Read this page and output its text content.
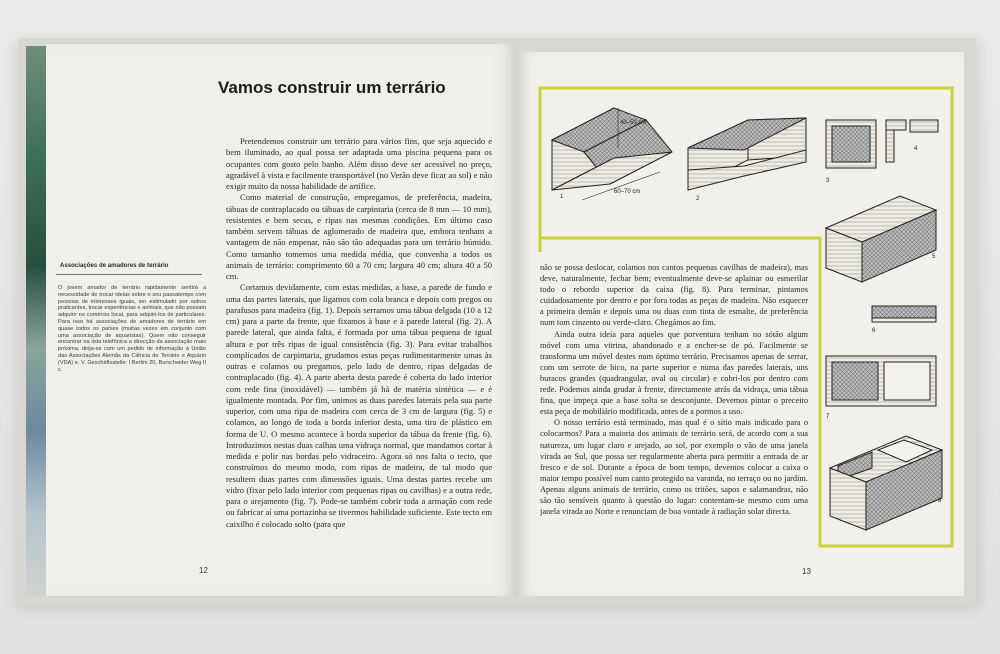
Vamos construir um terrário
Associações de amadores de terrário

O jovem amador de terrário rapidamente sentirá a necessidade de trocar ideias sobre o seu passatempo com pessoas de interesses iguais, ser estimulado por outros praticantes, trocar experiências e animais, que não possam adquirir no comércio local, para adquiri-los de particulares. Para isso há associações de amadores de terrário em quase todos os países (muitas vezes em conjunto com uma associação de aquaristas). Quem não conseguir encontrar na lista telefónica a direcção da associação mais próxima, dirija-se com um pedido de informação à União das Associações Alemãs da Ciência de Terrário e Aquário (VDA) e. V. Geschäftsstelle: I Berlim 20, Burscheider Weg II c.

Pretendemos construir um terrário para vários fins, que seja aquecido e bem iluminado, ao qual possa ser adaptada uma piscina pequena para os ocupantes com gosto pelo banho. Além disso deve ser acessível no preço, agradável à vista e facilmente transportável (no Verão deve ficar ao sol) e não exigir muito da nossa habilidade de artífice.

Como material de construção, empregamos, de preferência, madeira, tábuas de contraplacado ou tábuas de carpintaria (cerca de 8 mm — 10 mm), resistentes e bem secas, e ripas nas mesmas condições. Em último caso também servem tábuas de aglomerado de madeira que, embora tenham a vantagem de não empenar, não são tão adequadas para um terrário húmido. Como tamanho tomemos uma medida média, que convenha a todos os animais de terrário: comprimento 60 a 70 cm; largura 40 cm; altura 40 a 50 cm.

Cortamos devidamente, com estas medidas, a base, a parede de fundo e uma das partes laterais, que ligamos com cola branca e depois com pregos ou parafusos para madeira (fig. 1). Depois serramos uma tábua delgada (10 a 12 cm) para a parte da frente, que fixamos à base e à parede lateral (fig. 2). A parede lateral, que ainda falta, é formada por uma tábua pequena de igual altura e por três ripas de igual consistência (fig. 3). Para evitar trabalhos complicados de carpintaria, grudamos estas peças rudimentarmente umas às outras e colamos ou pregamos, pelo lado de dentro, ripas delgadas de contraplacado (fig. 4). A parte aberta desta parede é coberta do lado interior com rede fina (inoxidável) — também já há de matéria sintética — e é igualmente montada. Por fim, unimos as duas paredes laterais pela sua parte superior, com uma ripa de madeira com cerca de 3 cm de largura (fig. 5) e colamos, ao longo de toda a borda inferior desta, uma tira de plástico em forma de U. O mesmo acontece à borda superior da tábua da frente (fig. 6). Introduzimos nestas duas calhas uma vidraça normal, que mandamos cortar à medida e polir nas bordas pelo vidraceiro. Agora só nos falta o tecto, que construímos do mesmo modo, com ripas de madeira, de tal modo que resultem duas partes com dimensões iguais. Uma destas partes recebe um vidro (fixar pelo lado interior com pequenas ripas ou cavilhas) e a outra rede, para o arejamento (fig. 7). Pode-se também cobrir toda a armação com rede ou fabricar aí uma portazinha se tivermos habilidade suficiente. Este tecto em caixilho é colocado solto (para que

12
40–50 cm
60–70 cm
1	2
3
4
5
6
7
8

não se possa deslocar, colamos nos cantos pequenas cavilhas de madeira), mas deve, naturalmente, fechar bem; eventualmente deve-se aplainar ou esmerilar todo o rebordo superior da caixa (fig. 8). Para terminar, pintamos cuidadosamente por dentro e por fora todas as peças de madeira. Não esquecer a primeira demão e depois uma ou duas com tinta de esmalte, de preferência num tom cinzento ou verde-claro. Chegámos ao fim.

Ainda outra ideia para aqueles que porventura tenham no sótão algum móvel com uma vitrina, abandonado e a encher-se de pó. Facilmente se transforma um móvel destes num óptimo terrário. Precisamos apenas de serrar, com um serrote de bico, na parte superior e numa das paredes laterais, uns buracos grandes (quadrangular, oval ou circular) e cobri-los por dentro com rede. Podemos ainda grudar à frente, directamente atrás da vidraça, uma tábua fina, que impeça que a base solta se desconjunte. Devemos pintar o preceito esta peça de mobiliário modificada, antes de a pormos a uso.

O nosso terrário está terminado, mas qual é o sítio mais indicado para o colocarmos? Para a maioria dos animais de terrário será, de acordo com a sua natureza, um lugar claro e arejado, ao sol, por exemplo o vão de uma janela virada ao Sul, que possa ser regularmente aberta para permitir a entrada de ar fresco e de sol. Durante a época de bom tempo, devemos colocar a caixa o maior tempo possível num canto protegido na varanda, no terraço ou no jardim. Apenas alguns animais de terrário, como os tritões, sapos e salamandras, não são tão sensíveis quanto à questão do lugar: contentam-se mesmo com uma janela virada ao Norte e renunciam de boa vontade à radiação solar directa.

13
